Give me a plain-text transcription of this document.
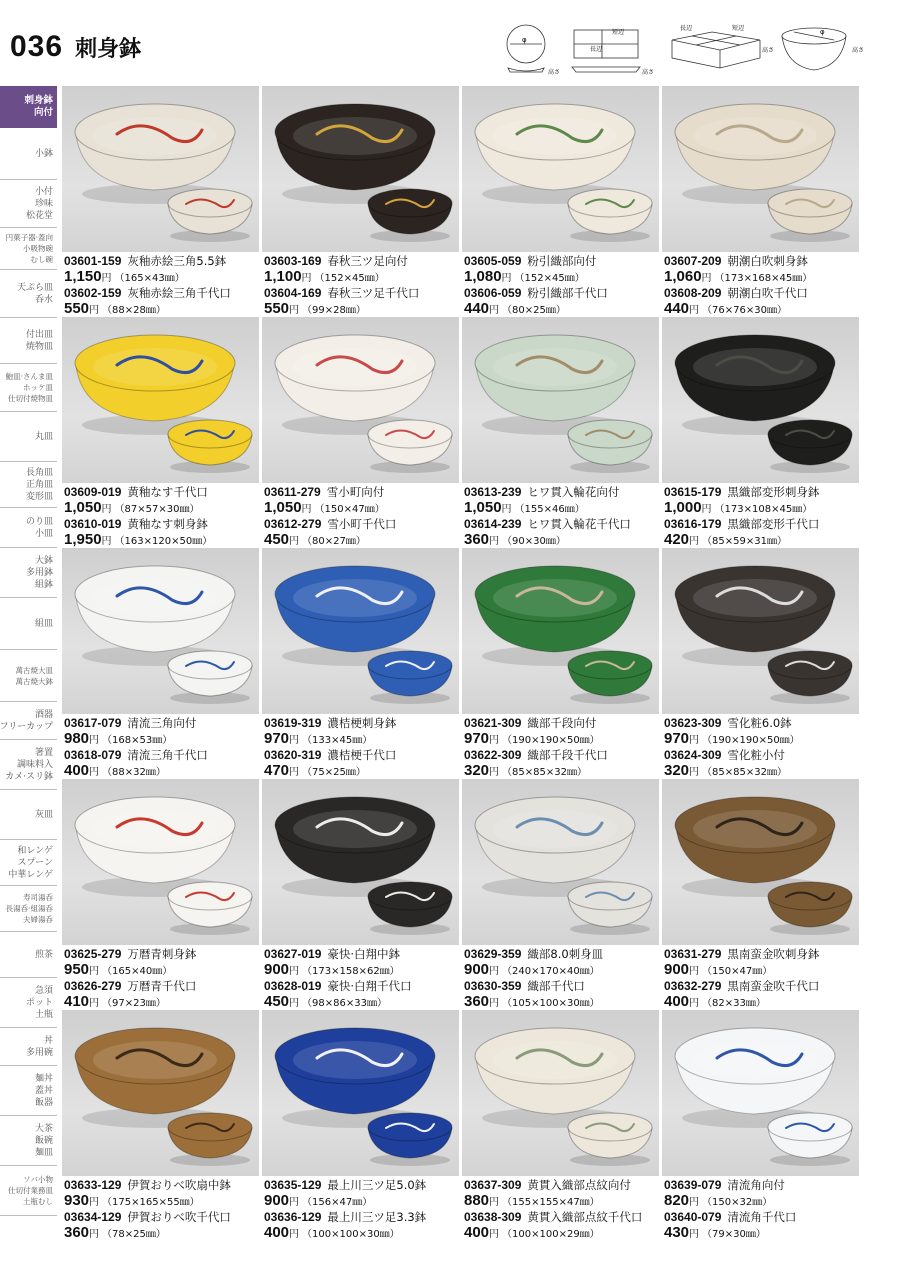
036 刺身鉢	φ
高さ
短辺
長辺
高さ
長辺	短辺
高さ
φ
高さ
刺身鉢
向付
小鉢
小付
珍味
松花堂
円菓子器·蓋向
小吸物碗
むし碗
天ぷら皿
呑水
付出皿
焼物皿
鮑皿·さんま皿
ホッケ皿
仕切付焼物皿
丸皿
長角皿
正角皿
変形皿
のり皿
小皿
大鉢
多用鉢
組鉢
組皿
萬古焼大皿
萬古焼大鉢
酒器
フリーカップ
箸置
調味料入
カメ·スリ鉢
灰皿
和レンゲ
スプーン
中華レンゲ
寿司湯呑
長湯呑·組湯呑
夫婦湯呑
煎茶
急須
ポット
土瓶
丼
多用碗
麺丼
蓋丼
飯器
大茶
飯碗
麺皿
ソバ小物
仕切付業務皿
土瓶むし
03601-159 灰釉赤絵三角5.5鉢
1,150円 （165×43㎜）
03602-159 灰釉赤絵三角千代口
550円 （88×28㎜）
03603-169 春秋三ツ足向付
1,100円 （152×45㎜）
03604-169 春秋三ツ足千代口
550円 （99×28㎜）
03605-059 粉引織部向付
1,080円 （152×45㎜）
03606-059 粉引織部千代口
440円 （80×25㎜）
03607-209 朝潮白吹刺身鉢
1,060円 （173×168×45㎜）
03608-209 朝潮白吹千代口
440円 （76×76×30㎜）
03609-019 黄釉なす千代口
1,050円 （87×57×30㎜）
03610-019 黄釉なす刺身鉢
1,950円 （163×120×50㎜）
03611-279 雪小町向付
1,050円 （150×47㎜）
03612-279 雪小町千代口
450円 （80×27㎜）
03613-239 ヒワ貫入輪花向付
1,050円 （155×46㎜）
03614-239 ヒワ貫入輪花千代口
360円 （90×30㎜）
03615-179 黒織部変形刺身鉢
1,000円 （173×108×45㎜）
03616-179 黒織部変形千代口
420円 （85×59×31㎜）
03617-079 清流三角向付
980円 （168×53㎜）
03618-079 清流三角千代口
400円 （88×32㎜）
03619-319 濃桔梗刺身鉢
970円 （133×45㎜）
03620-319 濃桔梗千代口
470円 （75×25㎜）
03621-309 織部千段向付
970円 （190×190×50㎜）
03622-309 織部千段千代口
320円 （85×85×32㎜）
03623-309 雪化粧6.0鉢
970円 （190×190×50㎜）
03624-309 雪化粧小付
320円 （85×85×32㎜）
03625-279 万暦青刺身鉢
950円 （165×40㎜）
03626-279 万暦青千代口
410円 （97×23㎜）
03627-019 豪快·白翔中鉢
900円 （173×158×62㎜）
03628-019 豪快·白翔千代口
450円 （98×86×33㎜）
03629-359 織部8.0刺身皿
900円 （240×170×40㎜）
03630-359 織部千代口
360円 （105×100×30㎜）
03631-279 黒南蛮金吹刺身鉢
900円 （150×47㎜）
03632-279 黒南蛮金吹千代口
400円 （82×33㎜）
03633-129 伊賀おりべ吹扇中鉢
930円 （175×165×55㎜）
03634-129 伊賀おりべ吹千代口
360円 （78×25㎜）
03635-129 最上川三ツ足5.0鉢
900円 （156×47㎜）
03636-129 最上川三ツ足3.3鉢
400円 （100×100×30㎜）
03637-309 黄貫入織部点紋向付
880円 （155×155×47㎜）
03638-309 黄貫入織部点紋千代口
400円 （100×100×29㎜）
03639-079 清流角向付
820円 （150×32㎜）
03640-079 清流角千代口
430円 （79×30㎜）
